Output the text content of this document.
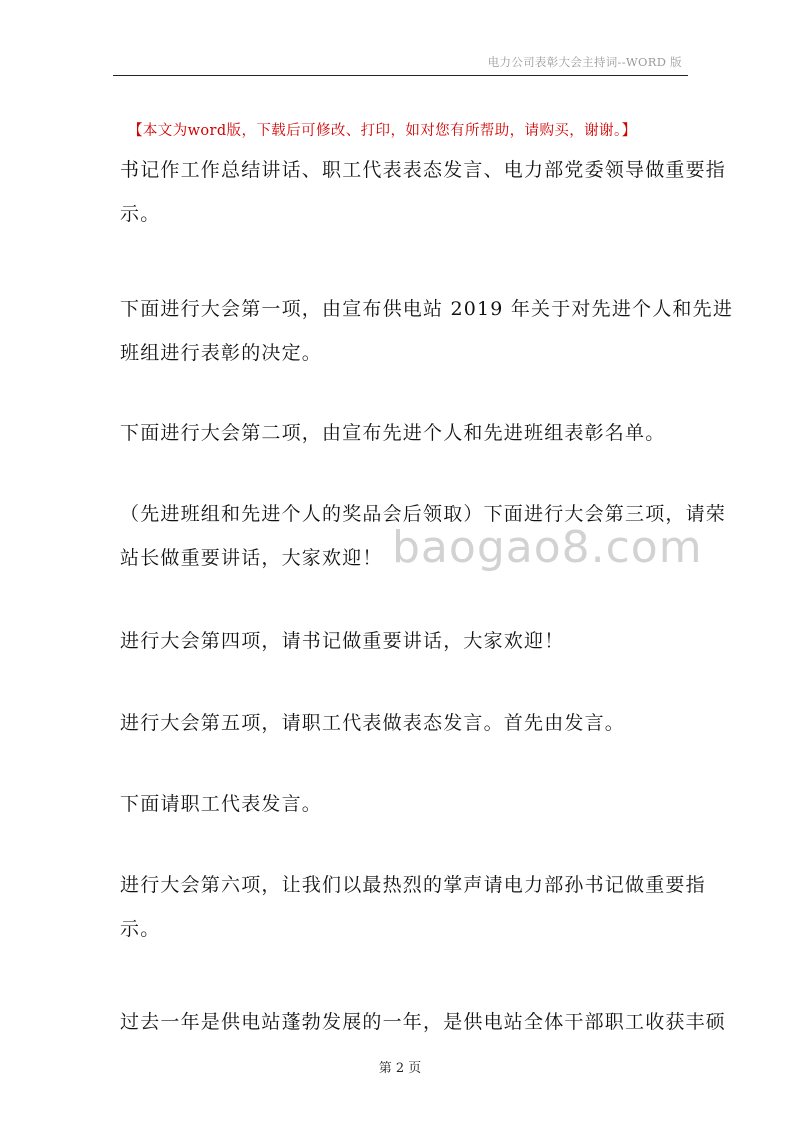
电力公司表彰大会主持词--WORD 版
【本文为word版，下载后可修改、打印，如对您有所帮助，请购买，谢谢。】
baogao8.com
书记作工作总结讲话、职工代表表态发言、电力部党委领导做重要指
示。
下面进行大会第一项，由宣布供电站 2019 年关于对先进个人和先进
班组进行表彰的决定。
下面进行大会第二项，由宣布先进个人和先进班组表彰名单。
（先进班组和先进个人的奖品会后领取）下面进行大会第三项，请荣
站长做重要讲话，大家欢迎！
进行大会第四项，请书记做重要讲话，大家欢迎！
进行大会第五项，请职工代表做表态发言。首先由发言。
下面请职工代表发言。
进行大会第六项，让我们以最热烈的掌声请电力部孙书记做重要指
示。
过去一年是供电站蓬勃发展的一年，是供电站全体干部职工收获丰硕
第 2 页
